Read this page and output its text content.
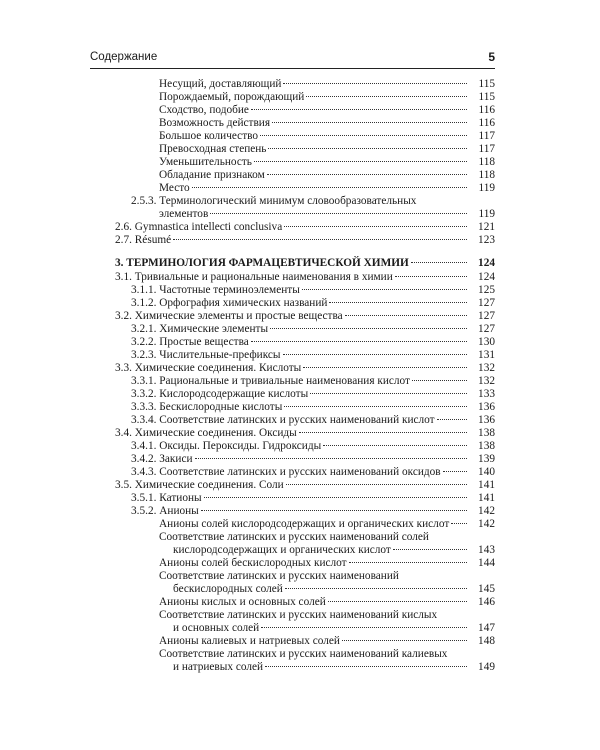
Содержание	5
Несущий, доставляющий	115
Порождаемый, порождающий	115
Сходство, подобие	116
Возможность действия	116
Большое количество	117
Превосходная степень	117
Уменьшительность	118
Обладание признаком	118
Место	119
2.5.3. Терминологический минимум словообразовательных
элементов	119
2.6. Gymnastica intellecti conclusiva	121
2.7. Résumé	123
3. ТЕРМИНОЛОГИЯ ФАРМАЦЕВТИЧЕСКОЙ ХИМИИ	124
3.1. Тривиальные и рациональные наименования в химии	124
3.1.1. Частотные терминоэлементы	125
3.1.2. Орфография химических названий	127
3.2. Химические элементы и простые вещества	127
3.2.1. Химические элементы	127
3.2.2. Простые вещества	130
3.2.3. Числительные-префиксы	131
3.3. Химические соединения. Кислоты	132
3.3.1. Рациональные и тривиальные наименования кислот	132
3.3.2. Кислородсодержащие кислоты	133
3.3.3. Бескислородные кислоты	136
3.3.4. Соответствие латинских и русских наименований кислот	136
3.4. Химические соединения. Оксиды	138
3.4.1. Оксиды. Пероксиды. Гидроксиды	138
3.4.2. Закиси	139
3.4.3. Соответствие латинских и русских наименований оксидов	140
3.5. Химические соединения. Соли	141
3.5.1. Катионы	141
3.5.2. Анионы	142
Анионы солей кислородсодержащих и органических кислот	142
Соответствие латинских и русских наименований солей
кислородсодержащих и органических кислот	143
Анионы солей бескислородных кислот	144
Соответствие латинских и русских наименований
бескислородных солей	145
Анионы кислых и основных солей	146
Соответствие латинских и русских наименований кислых
и основных солей	147
Анионы калиевых и натриевых солей	148
Соответствие латинских и русских наименований калиевых
и натриевых солей	149
